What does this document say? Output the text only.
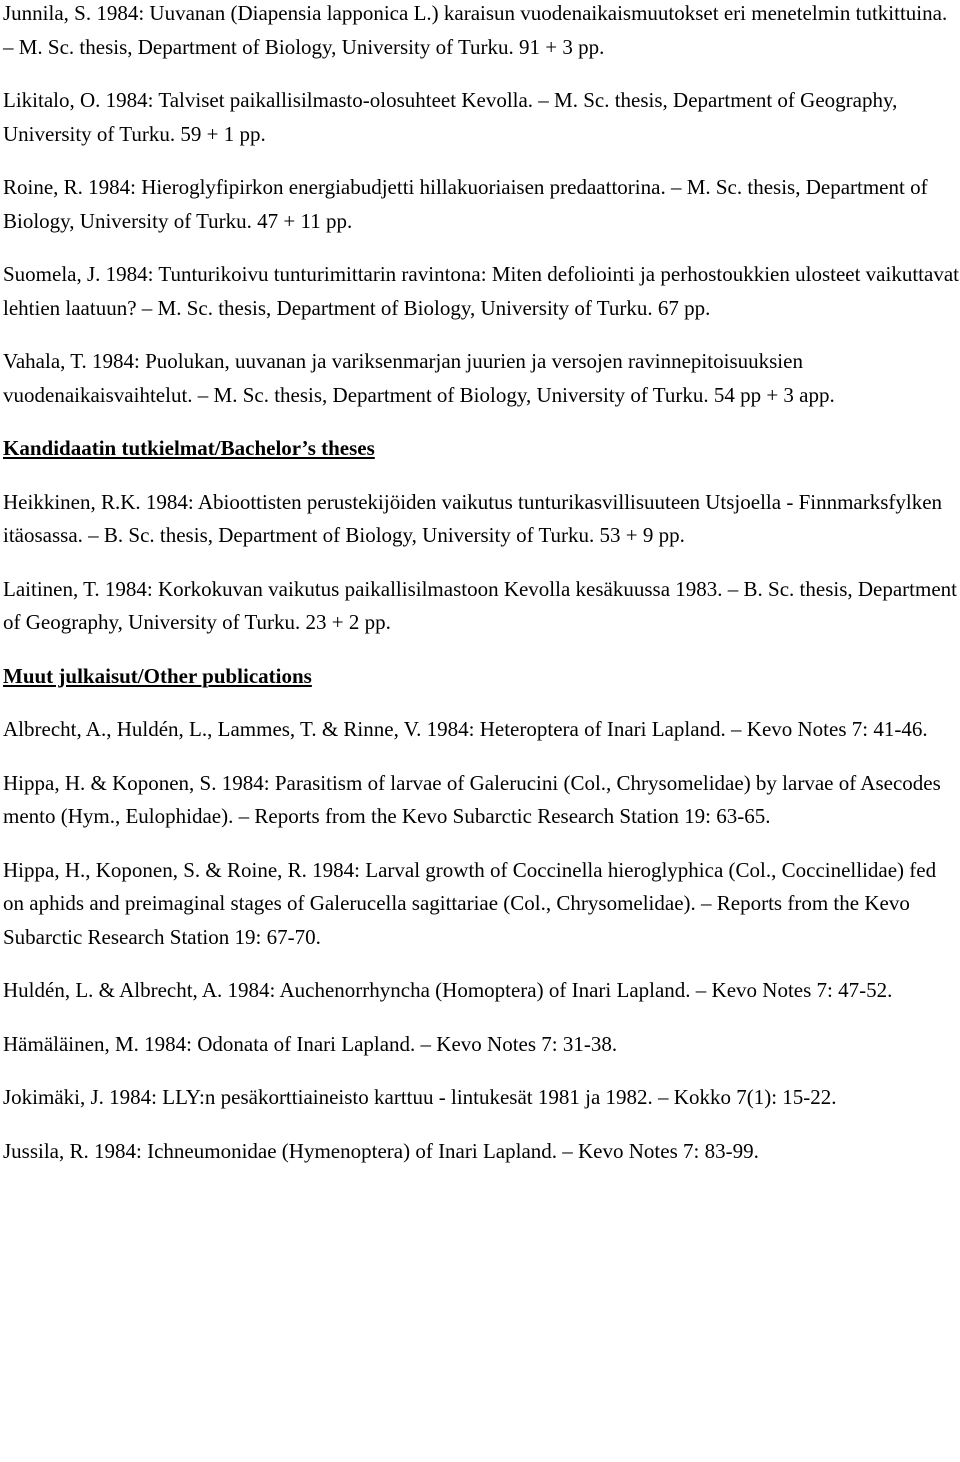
Junnila, S. 1984: Uuvanan (Diapensia lapponica L.) karaisun vuodenaikaismuutokset eri menetelmin tutkittuina. – M. Sc. thesis, Department of Biology, University of Turku. 91 + 3 pp.

Likitalo, O. 1984: Talviset paikallisilmasto-olosuhteet Kevolla. – M. Sc. thesis, Department of Geography, University of Turku. 59 + 1 pp.

Roine, R. 1984: Hieroglyfipirkon energiabudjetti hillakuoriaisen predaattorina. – M. Sc. thesis, Department of Biology, University of Turku. 47 + 11 pp.

Suomela, J. 1984: Tunturikoivu tunturimittarin ravintona: Miten defoliointi ja perhostoukkien ulosteet vaikuttavat lehtien laatuun? – M. Sc. thesis, Department of Biology, University of Turku. 67 pp.

Vahala, T. 1984: Puolukan, uuvanan ja variksenmarjan juurien ja versojen ravinnepitoisuuksien vuodenaikaisvaihtelut. – M. Sc. thesis, Department of Biology, University of Turku. 54 pp + 3 app.

Kandidaatin tutkielmat/Bachelor’s theses

Heikkinen, R.K. 1984: Abioottisten perustekijöiden vaikutus tunturikasvillisuuteen Utsjoella - Finnmarksfylken itäosassa. – B. Sc. thesis, Department of Biology, University of Turku. 53 + 9 pp.

Laitinen, T. 1984: Korkokuvan vaikutus paikallisilmastoon Kevolla kesäkuussa 1983. – B. Sc. thesis, Department of Geography, University of Turku. 23 + 2 pp.

Muut julkaisut/Other publications

Albrecht, A., Huldén, L., Lammes, T. & Rinne, V. 1984: Heteroptera of Inari Lapland. – Kevo Notes 7: 41-46.

Hippa, H. & Koponen, S. 1984: Parasitism of larvae of Galerucini (Col., Chrysomelidae) by larvae of Asecodes mento (Hym., Eulophidae). – Reports from the Kevo Subarctic Research Station 19: 63-65.

Hippa, H., Koponen, S. & Roine, R. 1984: Larval growth of Coccinella hieroglyphica (Col., Coccinellidae) fed on aphids and preimaginal stages of Galerucella sagittariae (Col., Chrysomelidae). – Reports from the Kevo Subarctic Research Station 19: 67-70.

Huldén, L. & Albrecht, A. 1984: Auchenorrhyncha (Homoptera) of Inari Lapland. – Kevo Notes 7: 47-52.

Hämäläinen, M. 1984: Odonata of Inari Lapland. – Kevo Notes 7: 31-38.

Jokimäki, J. 1984: LLY:n pesäkorttiaineisto karttuu - lintukesät 1981 ja 1982. – Kokko 7(1): 15-22.

Jussila, R. 1984: Ichneumonidae (Hymenoptera) of Inari Lapland. – Kevo Notes 7: 83-99.
